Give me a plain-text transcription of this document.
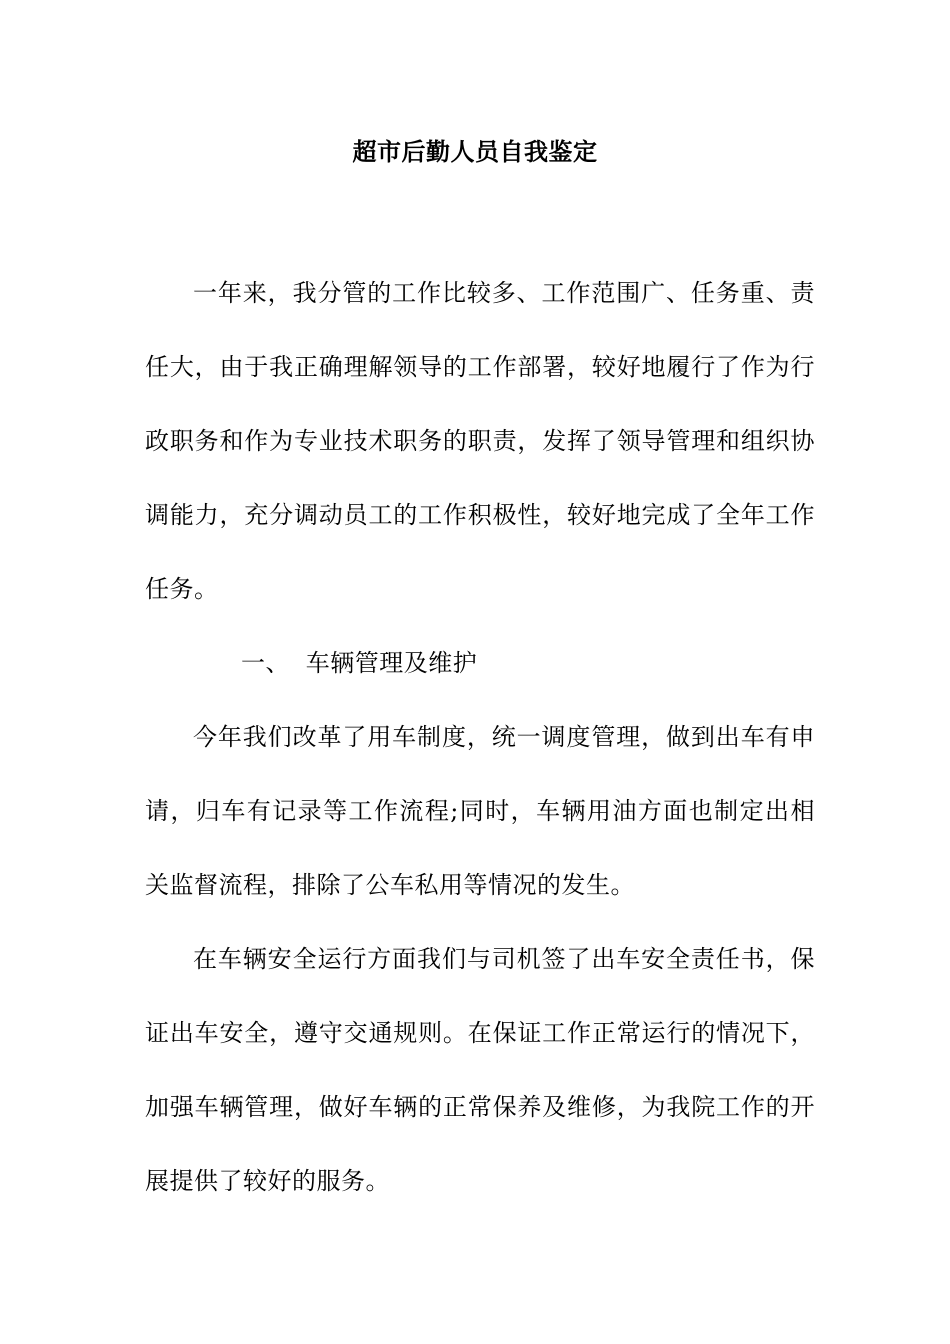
超市后勤人员自我鉴定

一年来，我分管的工作比较多、工作范围广、任务重、责任大，由于我正确理解领导的工作部署，较好地履行了作为行政职务和作为专业技术职务的职责，发挥了领导管理和组织协调能力，充分调动员工的工作积极性，较好地完成了全年工作任务。

一、 车辆管理及维护

今年我们改革了用车制度，统一调度管理，做到出车有申请，归车有记录等工作流程;同时，车辆用油方面也制定出相关监督流程，排除了公车私用等情况的发生。

在车辆安全运行方面我们与司机签了出车安全责任书，保证出车安全，遵守交通规则。在保证工作正常运行的情况下，加强车辆管理，做好车辆的正常保养及维修，为我院工作的开展提供了较好的服务。
